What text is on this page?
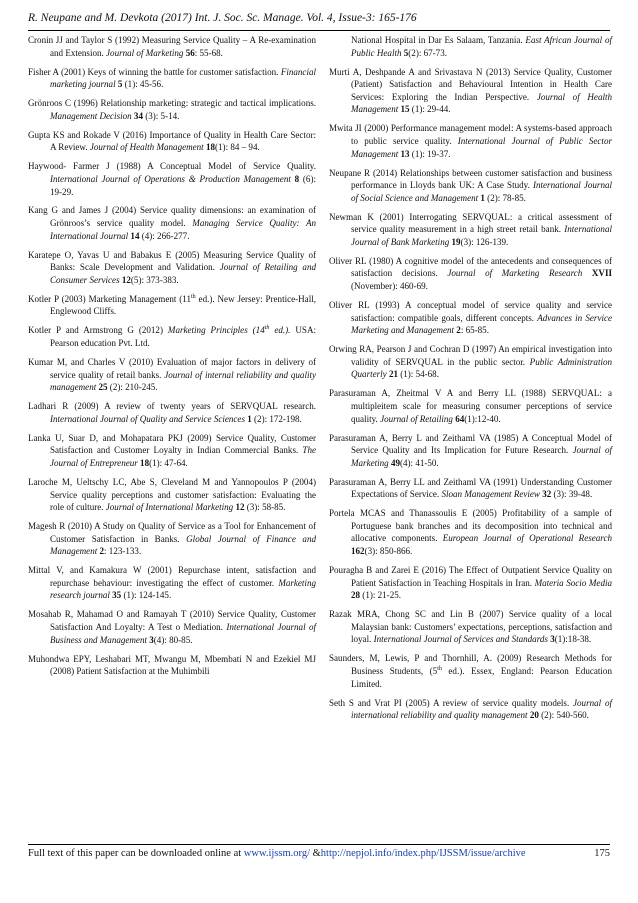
R. Neupane and M. Devkota (2017) Int. J. Soc. Sc. Manage. Vol. 4, Issue-3: 165-176

Cronin JJ and Taylor S (1992) Measuring Service Quality – A Re-examination and Extension. Journal of Marketing 56: 55-68.

Fisher A (2001) Keys of winning the battle for customer satisfaction. Financial marketing journal 5 (1): 45-56.

Grönroos C (1996) Relationship marketing: strategic and tactical implications. Management Decision 34 (3): 5-14.

Gupta KS and Rokade V (2016) Importance of Quality in Health Care Sector: A Review. Journal of Health Management 18(1): 84 – 94.

Haywood- Farmer J (1988) A Conceptual Model of Service Quality. International Journal of Operations & Production Management 8 (6): 19-29.

Kang G and James J (2004) Service quality dimensions: an examination of Grönroos’s service quality model. Managing Service Quality: An International Journal 14 (4): 266-277.

Karatepe O, Yavas U and Babakus E (2005) Measuring Service Quality of Banks: Scale Development and Validation. Journal of Retailing and Consumer Services 12(5): 373-383.

Kotler P (2003) Marketing Management (11th ed.). New Jersey: Prentice-Hall, Englewood Cliffs.

Kotler P and Armstrong G (2012) Marketing Principles (14th ed.). USA: Pearson education Pvt. Ltd.

Kumar M, and Charles V (2010) Evaluation of major factors in delivery of service quality of retail banks. Journal of internal reliability and quality management 25 (2): 210-245.

Ladhari R (2009) A review of twenty years of SERVQUAL research. International Journal of Quality and Service Sciences 1 (2): 172-198.

Lanka U, Suar D, and Mohapatara PKJ (2009) Service Quality, Customer Satisfaction and Customer Loyalty in Indian Commercial Banks. The Journal of Entrepreneur 18(1): 47-64.

Laroche M, Ueltschy LC, Abe S, Cleveland M and Yannopoulos P (2004) Service quality perceptions and customer satisfaction: Evaluating the role of culture. Journal of International Marketing 12 (3): 58-85.

Magesh R (2010) A Study on Quality of Service as a Tool for Enhancement of Customer Satisfaction in Banks. Global Journal of Finance and Management 2: 123-133.

Mittal V, and Kamakura W (2001) Repurchase intent, satisfaction and repurchase behaviour: investigating the effect of customer. Marketing research journal 35 (1): 124-145.

Mosahab R, Mahamad O and Ramayah T (2010) Service Quality, Customer Satisfaction And Loyalty: A Test o Mediation. International Journal of Business and Management 3(4): 80-85.

Muhondwa EPY, Leshabari MT, Mwangu M, Mbembati N and Ezekiel MJ (2008) Patient Satisfaction at the Muhimbili

National Hospital in Dar Es Salaam, Tanzania. East African Journal of Public Health 5(2): 67-73.

Murti A, Deshpande A and Srivastava N (2013) Service Quality, Customer (Patient) Satisfaction and Behavioural Intention in Health Care Services: Exploring the Indian Perspective. Journal of Health Management 15 (1): 29-44.

Mwita JI (2000) Performance management model: A systems-based approach to public service quality. International Journal of Public Sector Management 13 (1): 19-37.

Neupane R (2014) Relationships between customer satisfaction and business performance in Lloyds bank UK: A Case Study. International Journal of Social Science and Management 1 (2): 78-85.

Newman K (2001) Interrogating SERVQUAL: a critical assessment of service quality measurement in a high street retail bank. International Journal of Bank Marketing 19(3): 126-139.

Oliver RL (1980) A cognitive model of the antecedents and consequences of satisfaction decisions. Journal of Marketing Research XVII (November): 460-69.

Oliver RL (1993) A conceptual model of service quality and service satisfaction: compatible goals, different concepts. Advances in Service Marketing and Management 2: 65-85.

Orwing RA, Pearson J and Cochran D (1997) An empirical investigation into validity of SERVQUAL in the public sector. Public Administration Quarterly 21 (1): 54-68.

Parasuraman A, Zheitmal V A and Berry LL (1988) SERVQUAL: a multipleitem scale for measuring consumer perceptions of service quality. Journal of Retailing 64(1):12-40.

Parasuraman A, Berry L and Zeithaml VA (1985) A Conceptual Model of Service Quality and Its Implication for Future Research. Journal of Marketing 49(4): 41-50.

Parasuraman A, Berry LL and Zeithaml VA (1991) Understanding Customer Expectations of Service. Sloan Management Review 32 (3): 39-48.

Portela MCAS and Thanassoulis E (2005) Profitability of a sample of Portuguese bank branches and its decomposition into technical and allocative components. European Journal of Operational Research 162(3): 850-866.

Pouragha B and Zarei E (2016) The Effect of Outpatient Service Quality on Patient Satisfaction in Teaching Hospitals in Iran. Materia Socio Media 28 (1): 21-25.

Razak MRA, Chong SC and Lin B (2007) Service quality of a local Malaysian bank: Customers’ expectations, perceptions, satisfaction and loyal. International Journal of Services and Standards 3(1):18-38.

Saunders, M, Lewis, P and Thornhill, A. (2009) Research Methods for Business Students, (5th ed.). Essex, England: Pearson Education Limited.

Seth S and Vrat PI (2005) A review of service quality models. Journal of international reliability and quality management 20 (2): 540-560.

Full text of this paper can be downloaded online at www.ijssm.org/ &http://nepjol.info/index.php/IJSSM/issue/archive	175
